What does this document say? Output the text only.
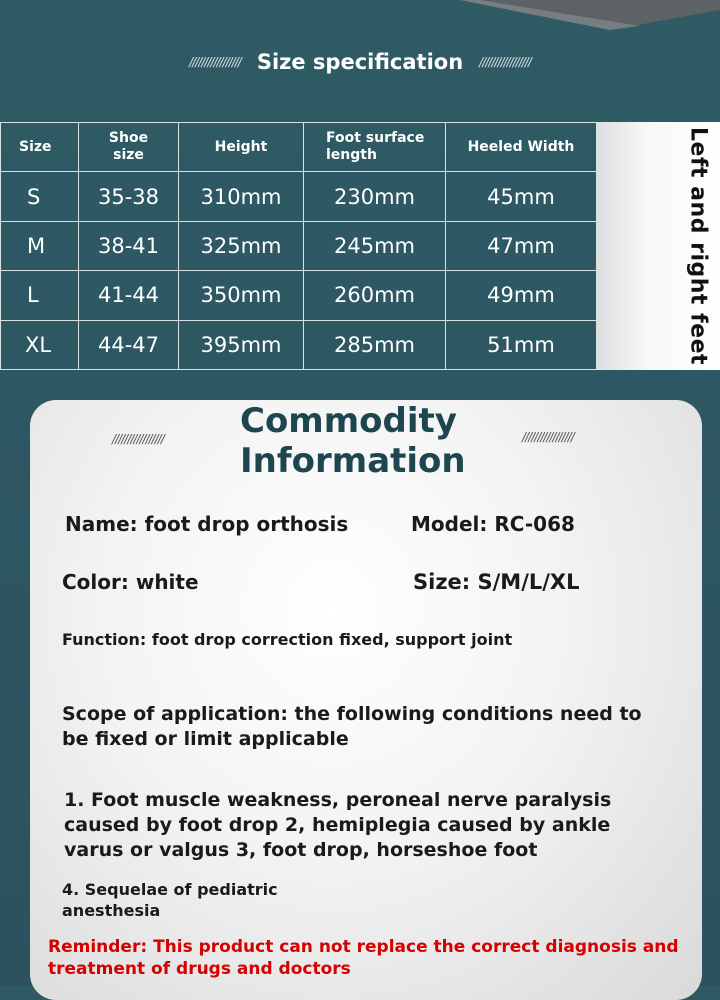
///////////////// Size specification /////////////////
Size	Shoe size	Height	Foot surface length	Heeled Width
S	35-38	310mm	230mm	45mm
M	38-41	325mm	245mm	47mm
L	41-44	350mm	260mm	49mm
XL	44-47	395mm	285mm	51mm	Left and right feet
Commodity
Information
/////////////////	/////////////////
Name: foot drop orthosis	Model: RC-068
Color: white	Size: S/M/L/XL
Function: foot drop correction fixed, support joint
Scope of application: the following conditions need to
be fixed or limit applicable
1. Foot muscle weakness, peroneal nerve paralysis
caused by foot drop 2, hemiplegia caused by ankle
varus or valgus 3, foot drop, horseshoe foot
4. Sequelae of pediatric
anesthesia
Reminder: This product can not replace the correct diagnosis and
treatment of drugs and doctors
